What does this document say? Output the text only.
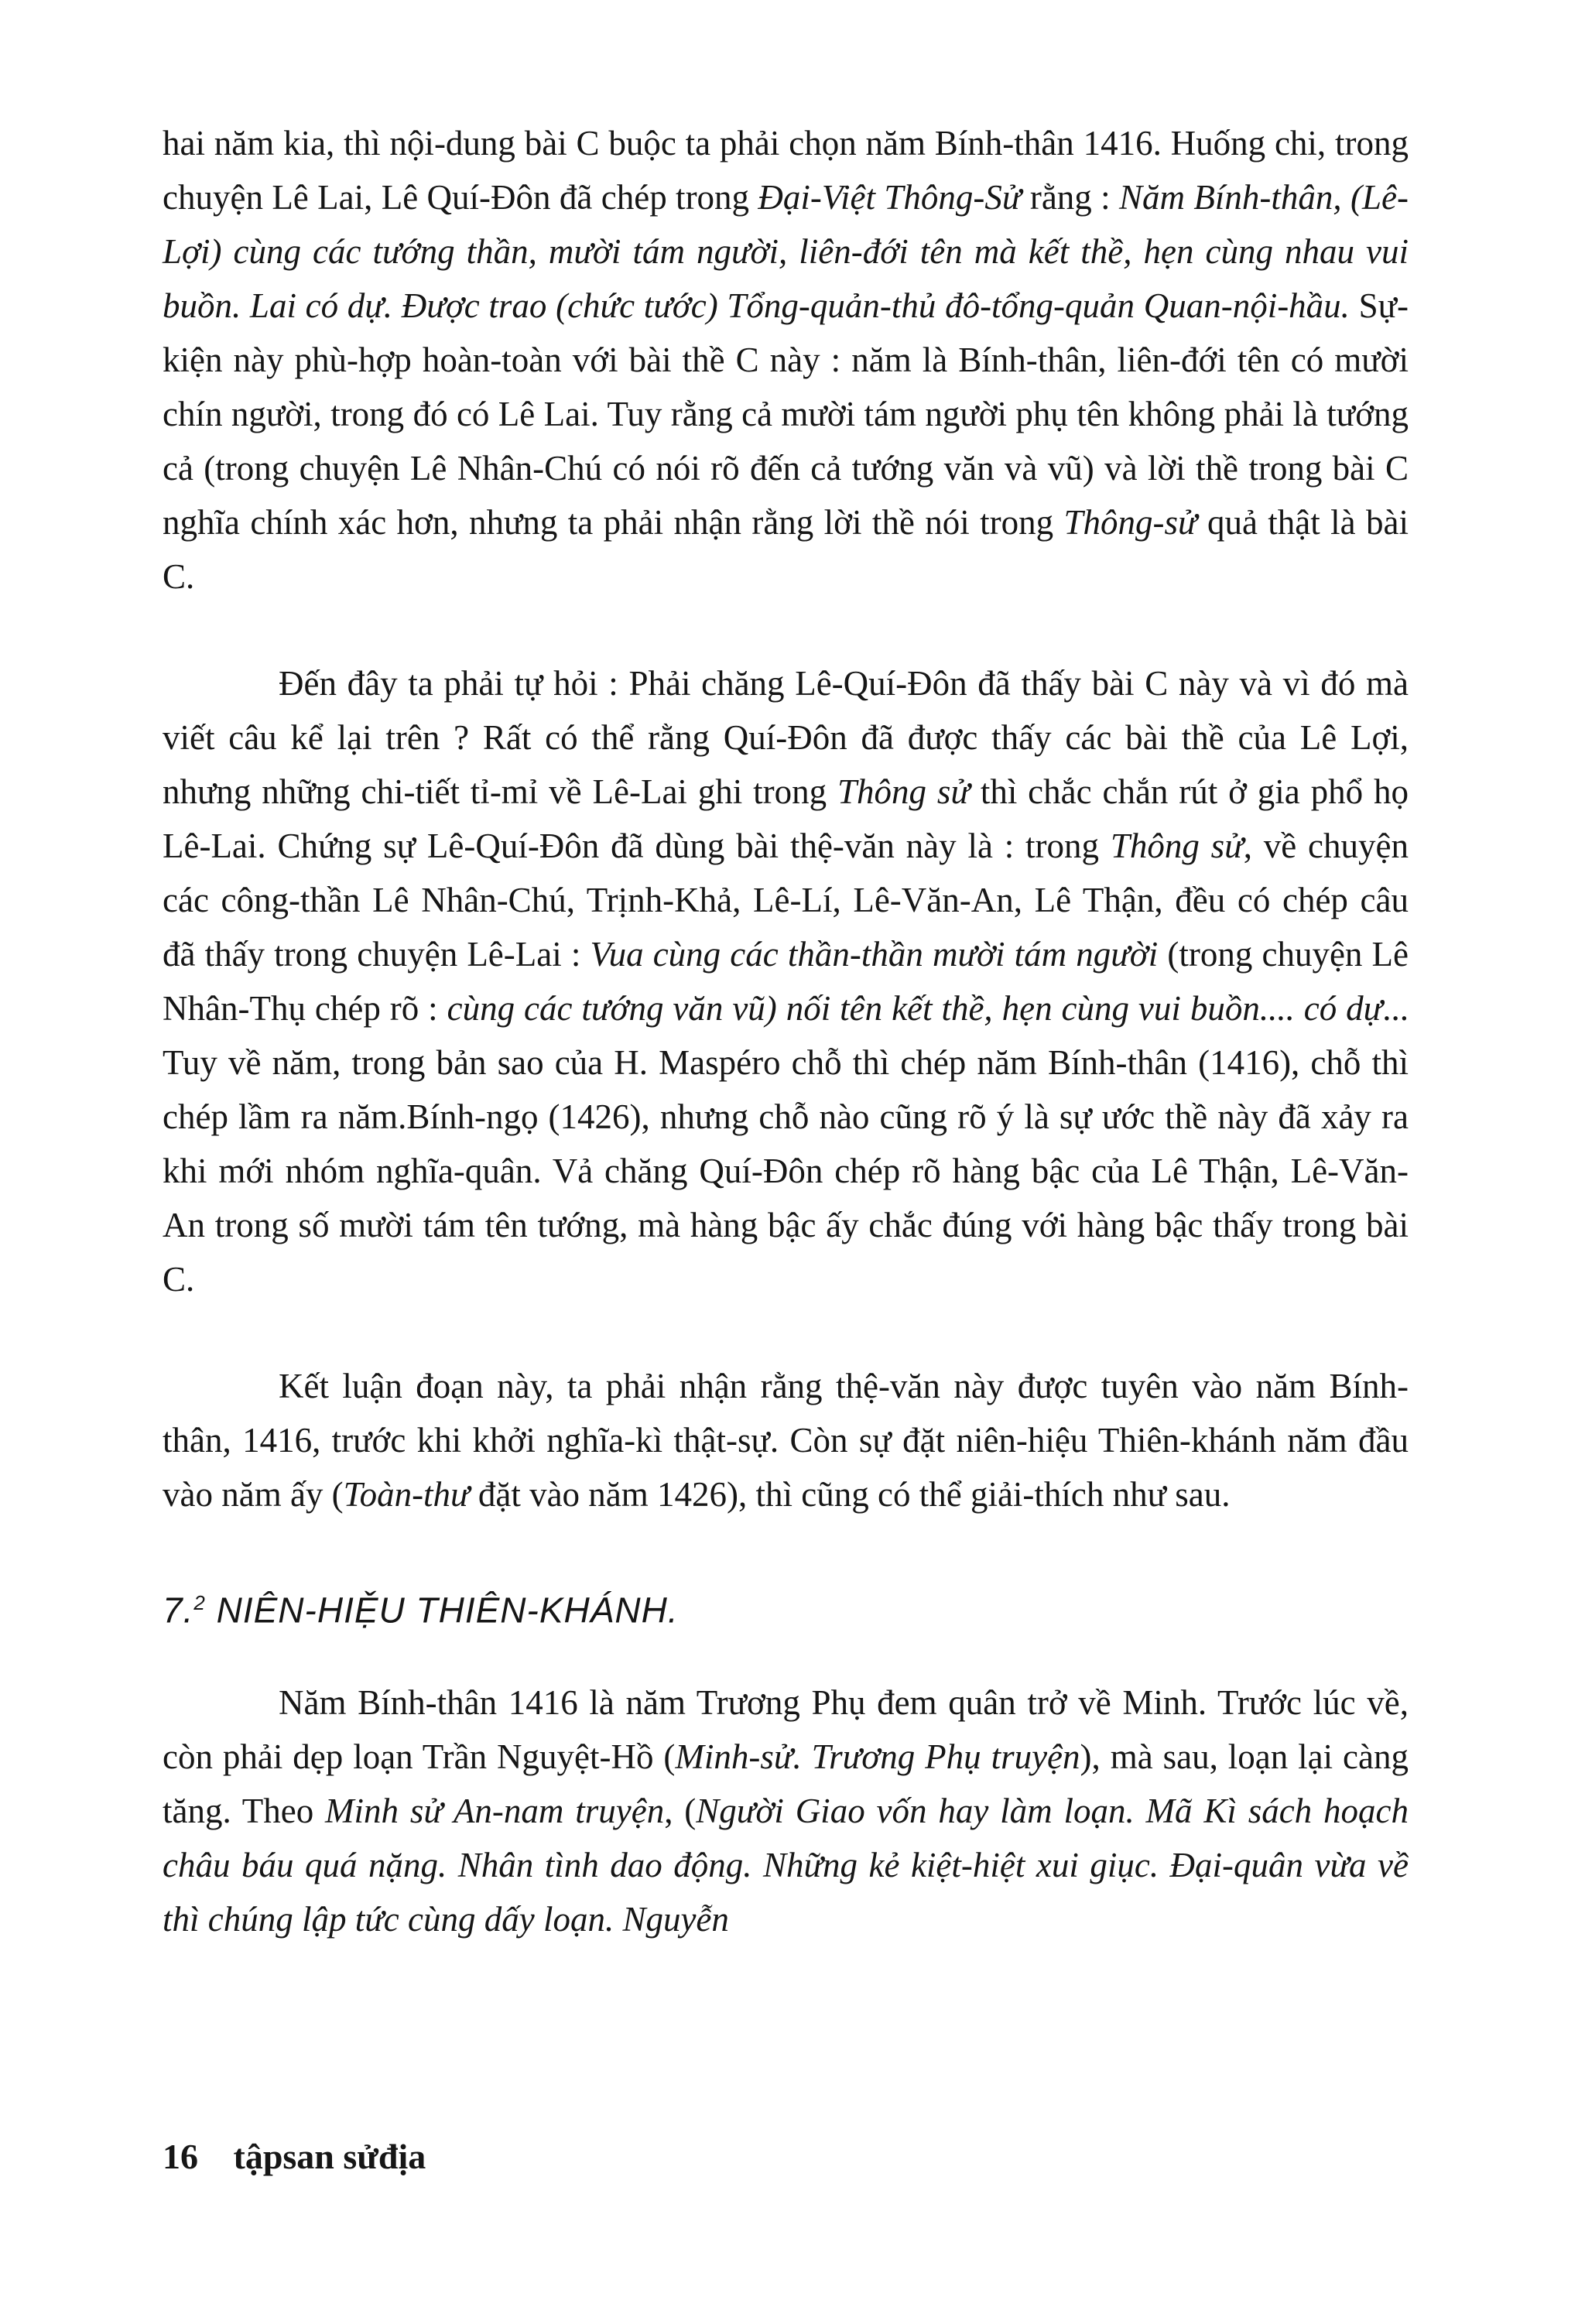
hai năm kia, thì nội-dung bài C buộc ta phải chọn năm Bính-thân 1416. Huống chi, trong chuyện Lê Lai, Lê Quí-Đôn đã chép trong Đại-Việt Thông-Sử rằng : Năm Bính-thân, (Lê-Lợi) cùng các tướng thần, mười tám người, liên-đới tên mà kết thề, hẹn cùng nhau vui buồn. Lai có dự. Được trao (chức tước) Tổng-quản-thủ đô-tổng-quản Quan-nội-hầu. Sự-kiện này phù-hợp hoàn-toàn với bài thề C này : năm là Bính-thân, liên-đới tên có mười chín người, trong đó có Lê Lai. Tuy rằng cả mười tám người phụ tên không phải là tướng cả (trong chuyện Lê Nhân-Chú có nói rõ đến cả tướng văn và vũ) và lời thề trong bài C nghĩa chính xác hơn, nhưng ta phải nhận rằng lời thề nói trong Thông-sử quả thật là bài C.

Đến đây ta phải tự hỏi : Phải chăng Lê-Quí-Đôn đã thấy bài C này và vì đó mà viết câu kể lại trên ? Rất có thể rằng Quí-Đôn đã được thấy các bài thề của Lê Lợi, nhưng những chi-tiết tỉ-mỉ về Lê-Lai ghi trong Thông sử thì chắc chắn rút ở gia phổ họ Lê-Lai. Chứng sự Lê-Quí-Đôn đã dùng bài thệ-văn này là : trong Thông sử, về chuyện các công-thần Lê Nhân-Chú, Trịnh-Khả, Lê-Lí, Lê-Văn-An, Lê Thận, đều có chép câu đã thấy trong chuyện Lê-Lai : Vua cùng các thần-thần mười tám người (trong chuyện Lê Nhân-Thụ chép rõ : cùng các tướng văn vũ) nối tên kết thề, hẹn cùng vui buồn.... có dự... Tuy về năm, trong bản sao của H. Maspéro chỗ thì chép năm Bính-thân (1416), chỗ thì chép lầm ra năm.Bính-ngọ (1426), nhưng chỗ nào cũng rõ ý là sự ước thề này đã xảy ra khi mới nhóm nghĩa-quân. Vả chăng Quí-Đôn chép rõ hàng bậc của Lê Thận, Lê-Văn-An trong số mười tám tên tướng, mà hàng bậc ấy chắc đúng với hàng bậc thấy trong bài C.

Kết luận đoạn này, ta phải nhận rằng thệ-văn này được tuyên vào năm Bính-thân, 1416, trước khi khởi nghĩa-kì thật-sự. Còn sự đặt niên-hiệu Thiên-khánh năm đầu vào năm ấy (Toàn-thư đặt vào năm 1426), thì cũng có thể giải-thích như sau.

7.$^2$ NIÊN-HIỆU THIÊN-KHÁNH.

Năm Bính-thân 1416 là năm Trương Phụ đem quân trở về Minh. Trước lúc về, còn phải dẹp loạn Trần Nguyệt-Hồ (Minh-sử. Trương Phụ truyện), mà sau, loạn lại càng tăng. Theo Minh sử An-nam truyện, (Người Giao vốn hay làm loạn. Mã Kì sách hoạch châu báu quá nặng. Nhân tình dao động. Những kẻ kiệt-hiệt xui giục. Đại-quân vừa về thì chúng lập tức cùng dấy loạn. Nguyễn

16 tậpsan sửđịa
